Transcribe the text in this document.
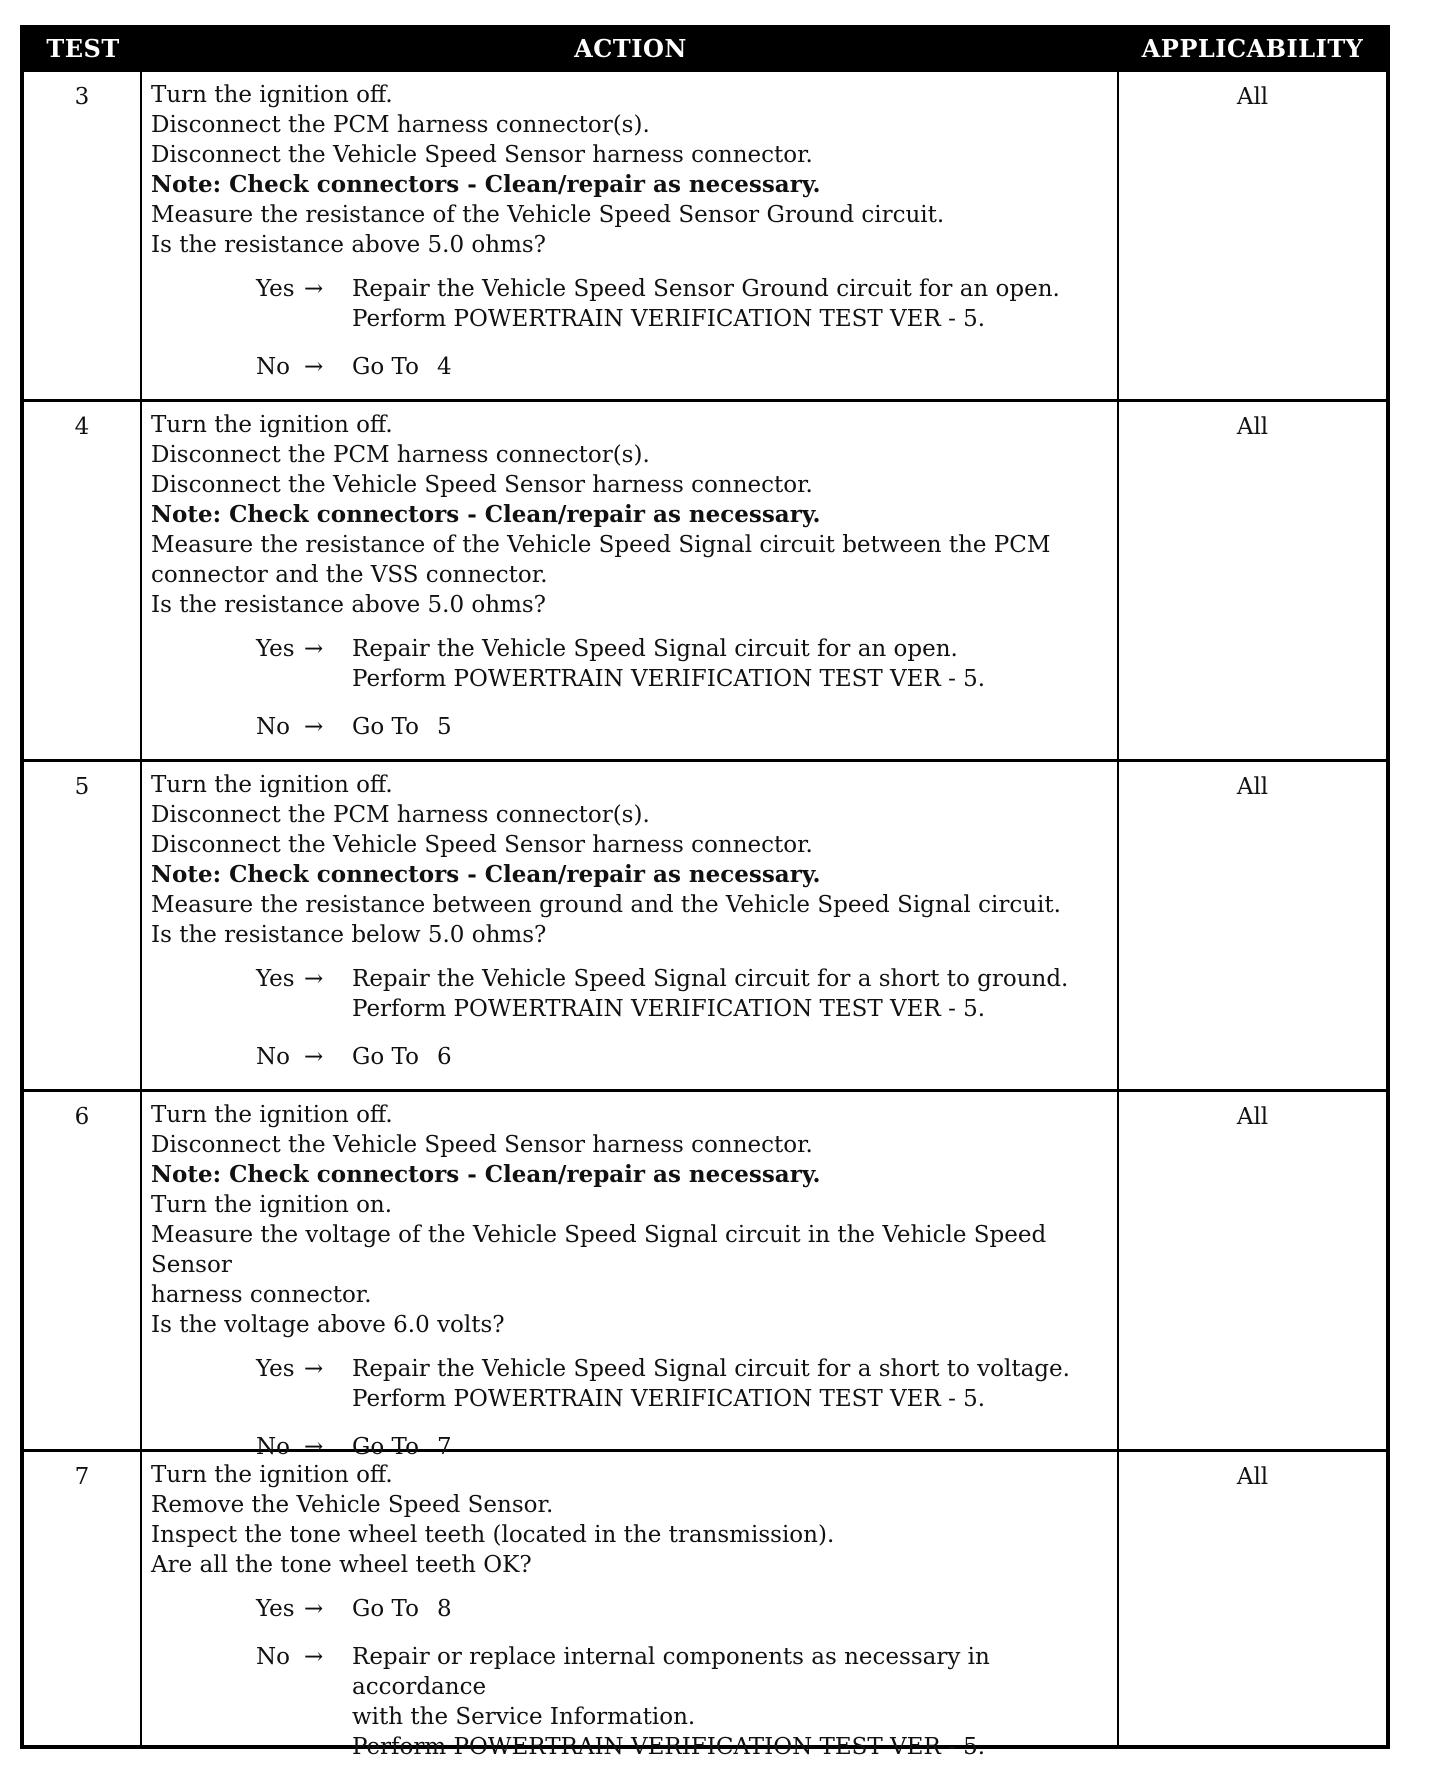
TEST	ACTION	APPLICABILITY
3	Turn the ignition off.
Disconnect the PCM harness connector(s).
Disconnect the Vehicle Speed Sensor harness connector.
Note: Check connectors - Clean/repair as necessary.
Measure the resistance of the Vehicle Speed Sensor Ground circuit.
Is the resistance above 5.0 ohms?
Yes →	Repair the Vehicle Speed Sensor Ground circuit for an open.
Perform POWERTRAIN VERIFICATION TEST VER - 5.
No →	Go To 4
All
4	Turn the ignition off.
Disconnect the PCM harness connector(s).
Disconnect the Vehicle Speed Sensor harness connector.
Note: Check connectors - Clean/repair as necessary.
Measure the resistance of the Vehicle Speed Signal circuit between the PCM
connector and the VSS connector.
Is the resistance above 5.0 ohms?
Yes →	Repair the Vehicle Speed Signal circuit for an open.
Perform POWERTRAIN VERIFICATION TEST VER - 5.
No →	Go To 5
All
5	Turn the ignition off.
Disconnect the PCM harness connector(s).
Disconnect the Vehicle Speed Sensor harness connector.
Note: Check connectors - Clean/repair as necessary.
Measure the resistance between ground and the Vehicle Speed Signal circuit.
Is the resistance below 5.0 ohms?
Yes →	Repair the Vehicle Speed Signal circuit for a short to ground.
Perform POWERTRAIN VERIFICATION TEST VER - 5.
No →	Go To 6
All
6	Turn the ignition off.
Disconnect the Vehicle Speed Sensor harness connector.
Note: Check connectors - Clean/repair as necessary.
Turn the ignition on.
Measure the voltage of the Vehicle Speed Signal circuit in the Vehicle Speed Sensor
harness connector.
Is the voltage above 6.0 volts?
Yes →	Repair the Vehicle Speed Signal circuit for a short to voltage.
Perform POWERTRAIN VERIFICATION TEST VER - 5.
No →	Go To 7
All
7	Turn the ignition off.
Remove the Vehicle Speed Sensor.
Inspect the tone wheel teeth (located in the transmission).
Are all the tone wheel teeth OK?
Yes →	Go To 8
No →	Repair or replace internal components as necessary in accordance
with the Service Information.
Perform POWERTRAIN VERIFICATION TEST VER - 5.
All
